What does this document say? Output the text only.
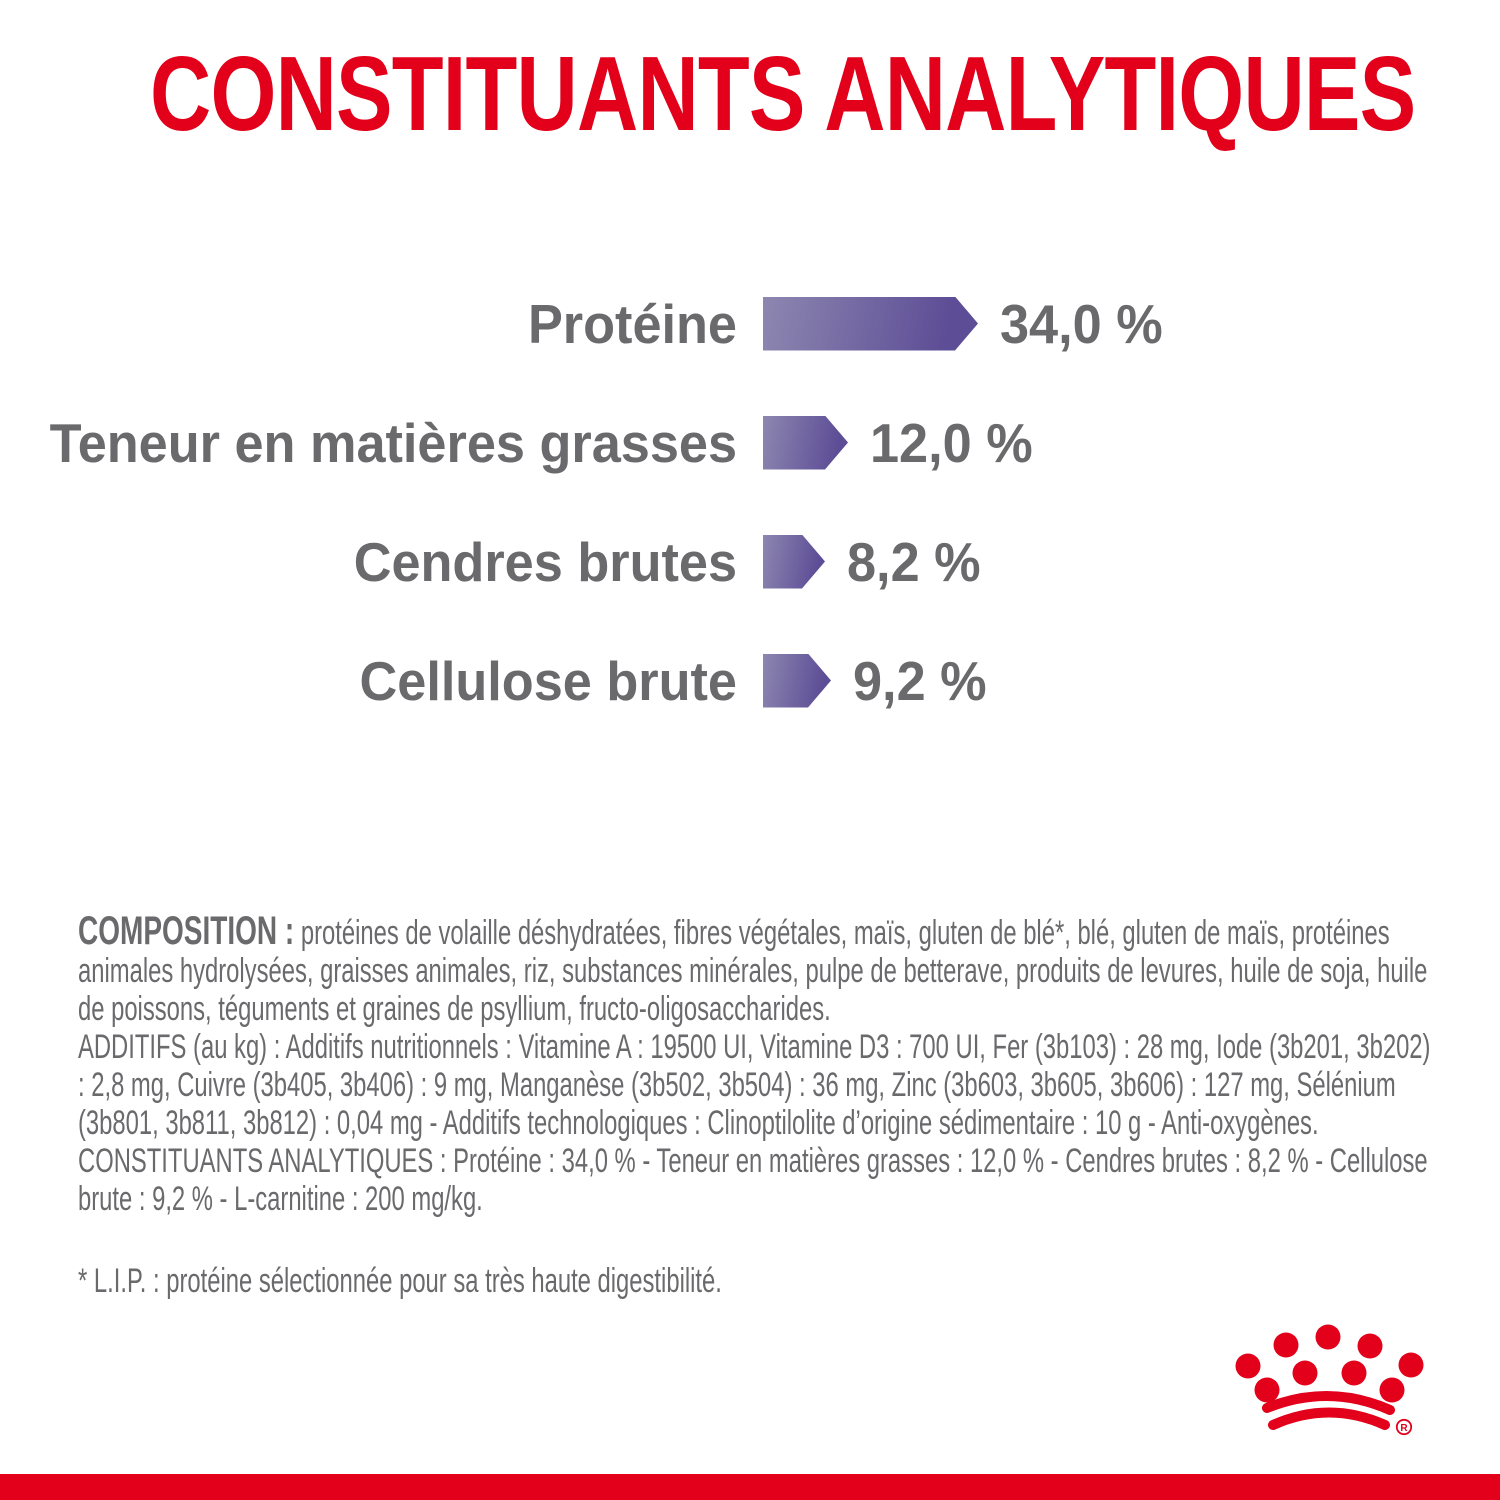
CONSTITUANTS ANALYTIQUES
Protéine	34,0 %
Teneur en matières grasses 12,0 %
Cendres brutes 8,2 %
Cellulose brute 9,2 %

COMPOSITION : protéines de volaille déshydratées, fibres végétales, maïs, gluten de blé*, blé, gluten de maïs, protéines animales hydrolysées, graisses animales, riz, substances minérales, pulpe de betterave, produits de levures, huile de soja, huile de poissons, téguments et graines de psyllium, fructo-oligosaccharides.

ADDITIFS (au kg) : Additifs nutritionnels : Vitamine A : 19500 UI, Vitamine D3 : 700 UI, Fer (3b103) : 28 mg, Iode (3b201, 3b202) : 2,8 mg, Cuivre (3b405, 3b406) : 9 mg, Manganèse (3b502, 3b504) : 36 mg, Zinc (3b603, 3b605, 3b606) : 127 mg, Sélénium (3b801, 3b811, 3b812) : 0,04 mg - Additifs technologiques : Clinoptilolite d’origine sédimentaire : 10 g - Anti-oxygènes.

CONSTITUANTS ANALYTIQUES : Protéine : 34,0 % - Teneur en matières grasses : 12,0 % - Cendres brutes : 8,2 % - Cellulose brute : 9,2 % - L-carnitine : 200 mg/kg.

* L.I.P. : protéine sélectionnée pour sa très haute digestibilité.

R
